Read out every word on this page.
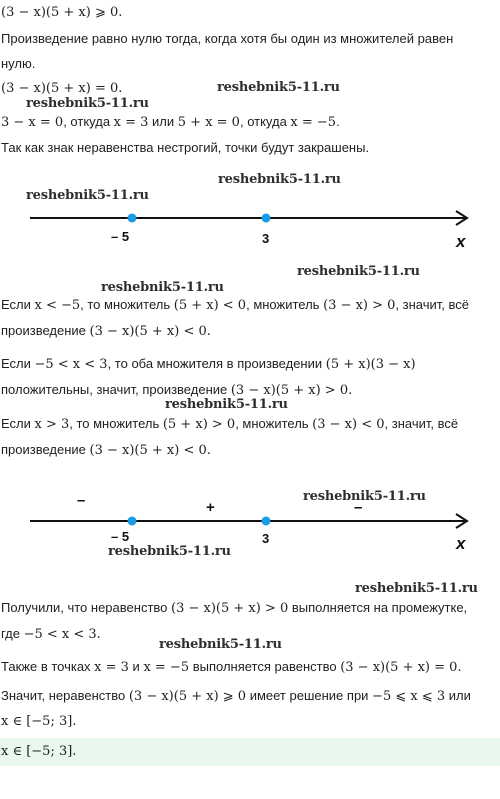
(3 − x)(5 + x) ⩾ 0.
Произведение равно нулю тогда, когда хотя бы один из множителей равен
нулю.
(3 − x)(5 + x) = 0.	reshebnik5-11.ru
reshebnik5-11.ru
3 − x = 0, откуда x = 3 или 5 + x = 0, откуда x = −5.
Так как знак неравенства нестрогий, точки будут закрашены.
reshebnik5-11.ru
reshebnik5-11.ru
– 5	3	x
reshebnik5-11.ru
reshebnik5-11.ru
Если x < −5, то множитель (5 + x) < 0, множитель (3 − x) > 0, значит, всё
произведение (3 − x)(5 + x) < 0.
Если −5 < x < 3, то оба множителя в произведении (5 + x)(3 − x)
положительны, значит, произведение (3 − x)(5 + x) > 0.
reshebnik5-11.ru
Если x > 3, то множитель (5 + x) > 0, множитель (3 − x) < 0, значит, всё
произведение (3 − x)(5 + x) < 0.
reshebnik5-11.ru
–	+	–
– 5	3	x
reshebnik5-11.ru
reshebnik5-11.ru
Получили, что неравенство (3 − x)(5 + x) > 0 выполняется на промежутке,
где −5 < x < 3.
reshebnik5-11.ru
Также в точках x = 3 и x = −5 выполняется равенство (3 − x)(5 + x) = 0.
Значит, неравенство (3 − x)(5 + x) ⩾ 0 имеет решение при −5 ⩽ x ⩽ 3 или
x ∈ [−5; 3].
x ∈ [−5; 3].
